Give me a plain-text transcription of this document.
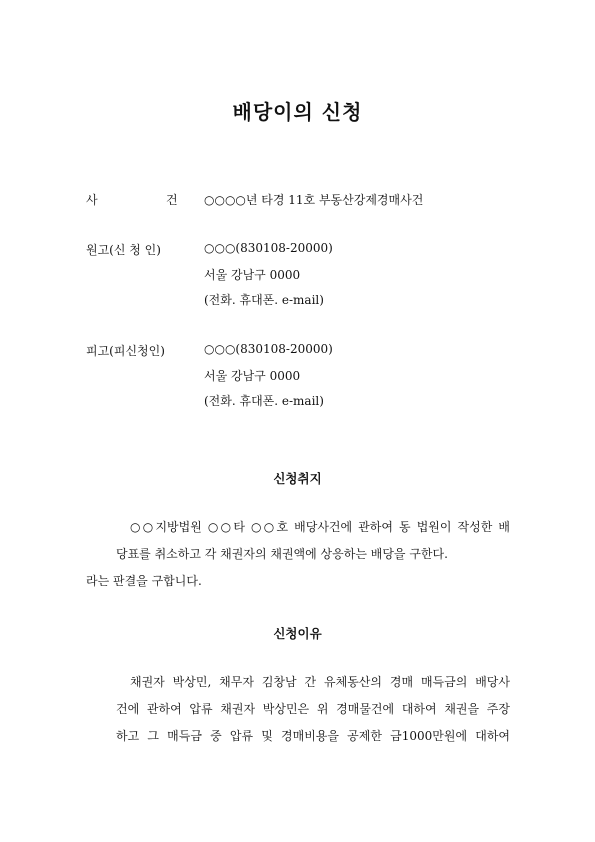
배당이의 신청
사	건 ○○○○년 타경 11호 부동산강제경매사건
원고(신 청 인)	○○○(830108-20000)
서울 강남구 0000
(전화. 휴대폰. e-mail)
피고(피신청인)	○○○(830108-20000)
서울 강남구 0000
(전화. 휴대폰. e-mail)
신청취지
○○지방법원 ○○타 ○○호 배당사건에 관하여 동 법원이 작성한 배
당표를 취소하고 각 채권자의 채권액에 상응하는 배당을 구한다.
라는 판결을 구합니다.
신청이유
채권자 박상민, 채무자 김창남 간 유체동산의 경매 매득금의 배당사
건에 관하여 압류 채권자 박상민은 위 경매물건에 대하여 채권을 주장
하고 그 매득금 중 압류 및 경매비용을 공제한 금1000만원에 대하여
